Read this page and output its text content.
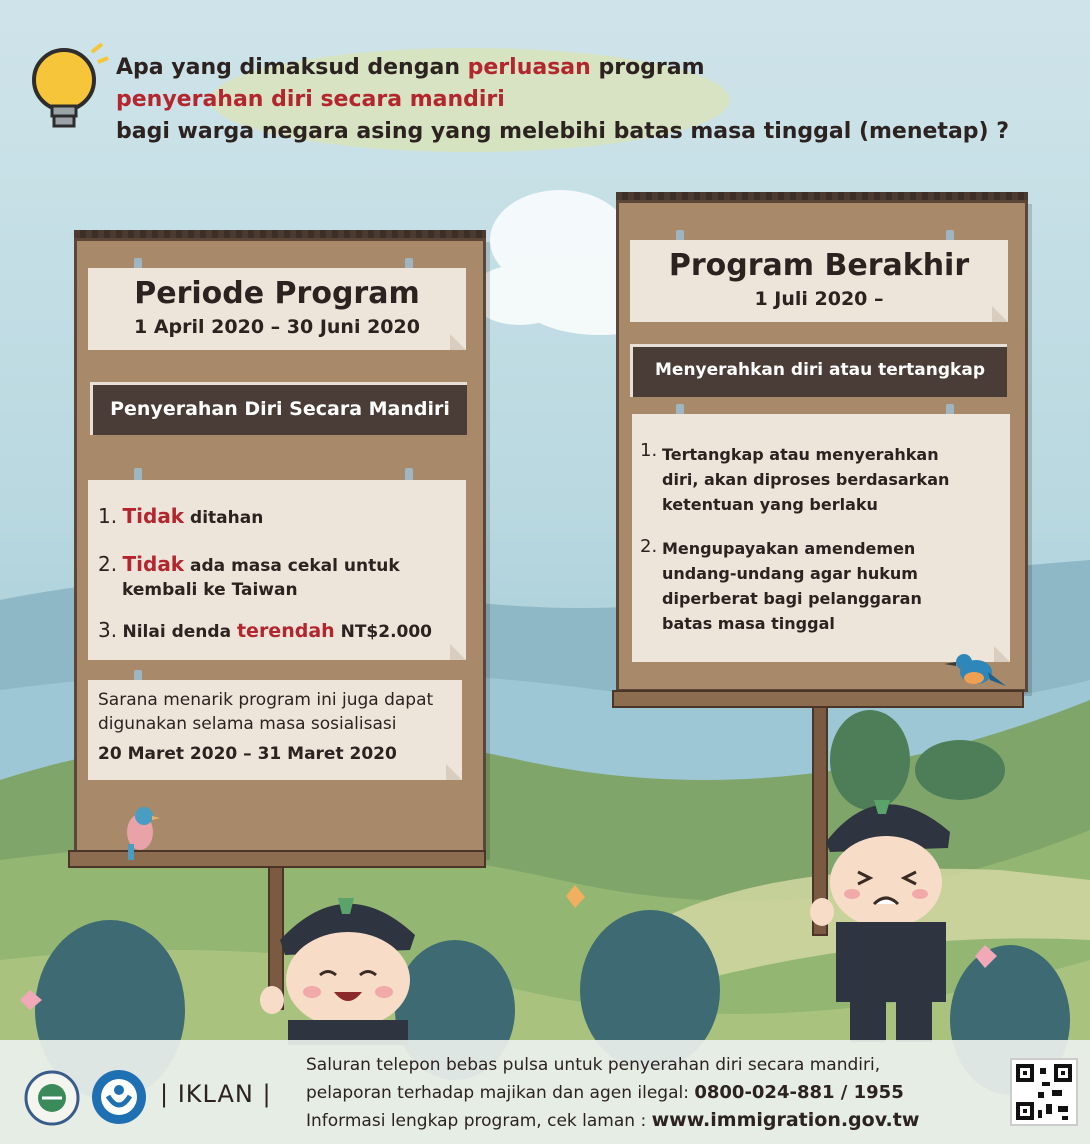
Apa yang dimaksud dengan perluasan program
penyerahan diri secara mandiri
bagi warga negara asing yang melebihi batas masa tinggal (menetap) ?
Periode Program
1 April 2020 – 30 Juni 2020
Penyerahan Diri Secara Mandiri
1. Tidak ditahan
2. Tidak ada masa cekal untuk
kembali ke Taiwan
3. Nilai denda terendah NT$2.000
Sarana menarik program ini juga dapat
digunakan selama masa sosialisasi
20 Maret 2020 – 31 Maret 2020
Program Berakhir
1 Juli 2020 –
Menyerahkan diri atau tertangkap
1. Tertangkap atau menyerahkan
diri, akan diproses berdasarkan
ketentuan yang berlaku
2. Mengupayakan amendemen
undang-undang agar hukum
diperberat bagi pelanggaran
batas masa tinggal
| IKLAN |
Saluran telepon bebas pulsa untuk penyerahan diri secara mandiri,
pelaporan terhadap majikan dan agen ilegal: 0800-024-881 / 1955
Informasi lengkap program, cek laman : www.immigration.gov.tw
